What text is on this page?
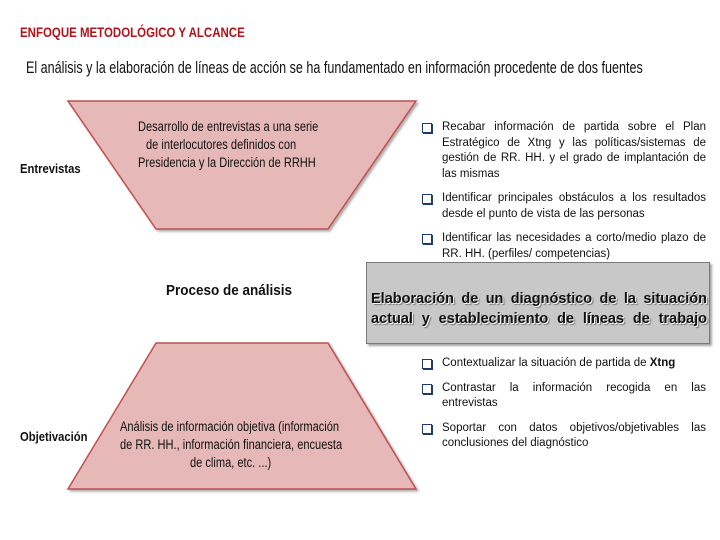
ENFOQUE METODOLÓGICO Y ALCANCE
El análisis y la elaboración de líneas de acción se ha fundamentado en información procedente de dos fuentes
Desarrollo de entrevistas a una serie
de interlocutores definidos con
Presidencia y la Dirección de RRHH
Análisis de información objetiva (información
de RR. HH., información financiera, encuesta
de clima, etc. ...)
Entrevistas
Objetivación
Proceso de análisis	Elaboración de un diagnóstico de la situación actual y establecimiento de líneas de trabajo
Recabar información de partida sobre el Plan Estratégico de Xtng y las políticas/sistemas de gestión de RR. HH. y el grado de implantación de las mismas
Identificar principales obstáculos a los resultados desde el punto de vista de las personas
Identificar las necesidades a corto/medio plazo de RR. HH. (perfiles/ competencias)
Contextualizar la situación de partida de Xtng
Contrastar la información recogida en las entrevistas
Soportar con datos objetivos/objetivables las conclusiones del diagnóstico
